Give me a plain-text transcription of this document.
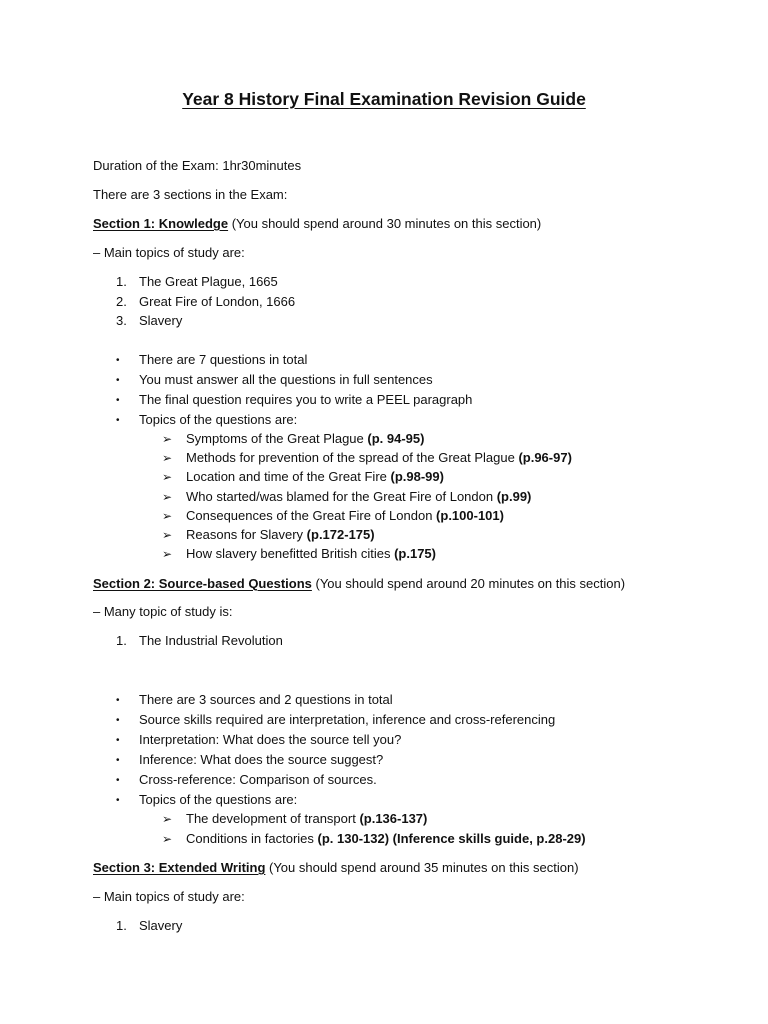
Year 8 History Final Examination Revision Guide
Duration of the Exam: 1hr30minutes
There are 3 sections in the Exam:
Section 1: Knowledge (You should spend around 30 minutes on this section)
– Main topics of study are:
1. The Great Plague, 1665
2. Great Fire of London, 1666
3. Slavery
• There are 7 questions in total
• You must answer all the questions in full sentences
• The final question requires you to write a PEEL paragraph
• Topics of the questions are:
➢ Symptoms of the Great Plague (p. 94-95)
➢ Methods for prevention of the spread of the Great Plague (p.96-97)
➢ Location and time of the Great Fire (p.98-99)
➢ Who started/was blamed for the Great Fire of London (p.99)
➢ Consequences of the Great Fire of London (p.100-101)
➢ Reasons for Slavery (p.172-175)
➢ How slavery benefitted British cities (p.175)
Section 2: Source-based Questions (You should spend around 20 minutes on this section)
– Many topic of study is:
1. The Industrial Revolution
• There are 3 sources and 2 questions in total
• Source skills required are interpretation, inference and cross-referencing
• Interpretation: What does the source tell you?
• Inference: What does the source suggest?
• Cross-reference: Comparison of sources.
• Topics of the questions are:
➢ The development of transport (p.136-137)
➢ Conditions in factories (p. 130-132) (Inference skills guide, p.28-29)
Section 3: Extended Writing (You should spend around 35 minutes on this section)
– Main topics of study are:
1. Slavery
